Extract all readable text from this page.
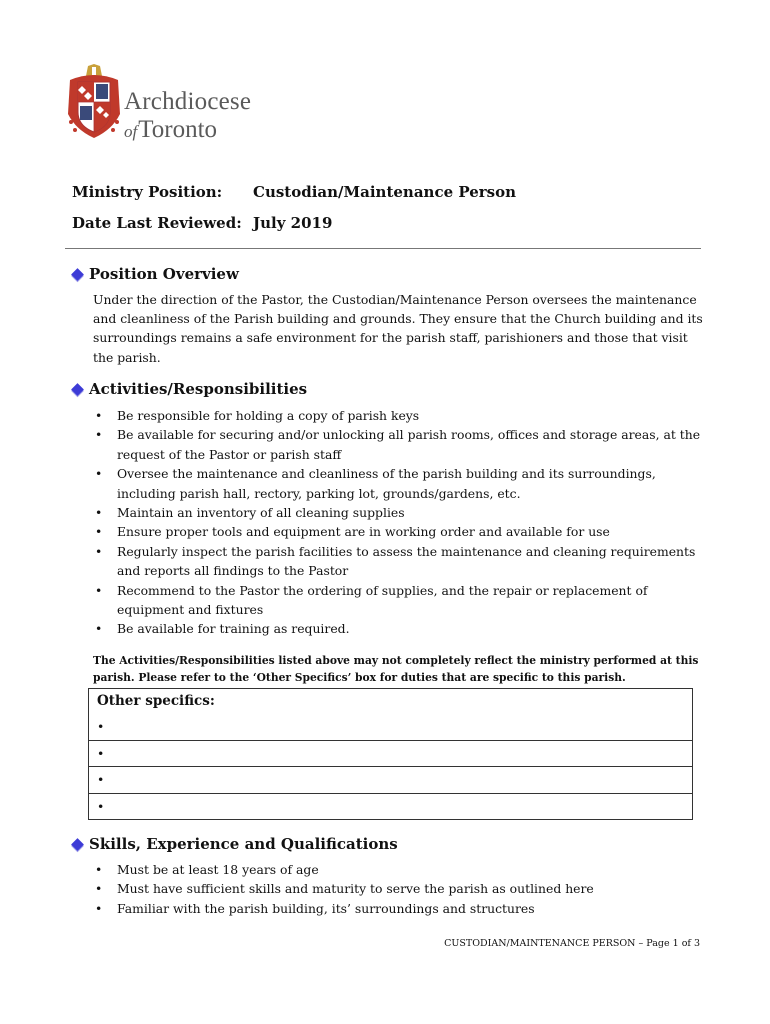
Archdiocese
ofToronto
Ministry Position: Custodian/Maintenance Person
Date Last Reviewed: July 2019
Position Overview
Under the direction of the Pastor, the Custodian/Maintenance Person oversees the maintenance and cleanliness of the Parish building and grounds. They ensure that the Church building and its surroundings remains a safe environment for the parish staff, parishioners and those that visit the parish.
Activities/Responsibilities
• Be responsible for holding a copy of parish keys
• Be available for securing and/or unlocking all parish rooms, offices and storage areas, at the request of the Pastor or parish staff
• Oversee the maintenance and cleanliness of the parish building and its surroundings, including parish hall, rectory, parking lot, grounds/gardens, etc.
• Maintain an inventory of all cleaning supplies
• Ensure proper tools and equipment are in working order and available for use
• Regularly inspect the parish facilities to assess the maintenance and cleaning requirements and reports all findings to the Pastor
• Recommend to the Pastor the ordering of supplies, and the repair or replacement of equipment and fixtures
• Be available for training as required.
The Activities/Responsibilities listed above may not completely reflect the ministry performed at this parish. Please refer to the ‘Other Specifics’ box for duties that are specific to this parish.
Other specifics:
•
•
•
•
Skills, Experience and Qualifications
• Must be at least 18 years of age
• Must have sufficient skills and maturity to serve the parish as outlined here
• Familiar with the parish building, its’ surroundings and structures
CUSTODIAN/MAINTENANCE PERSON – Page 1 of 3
